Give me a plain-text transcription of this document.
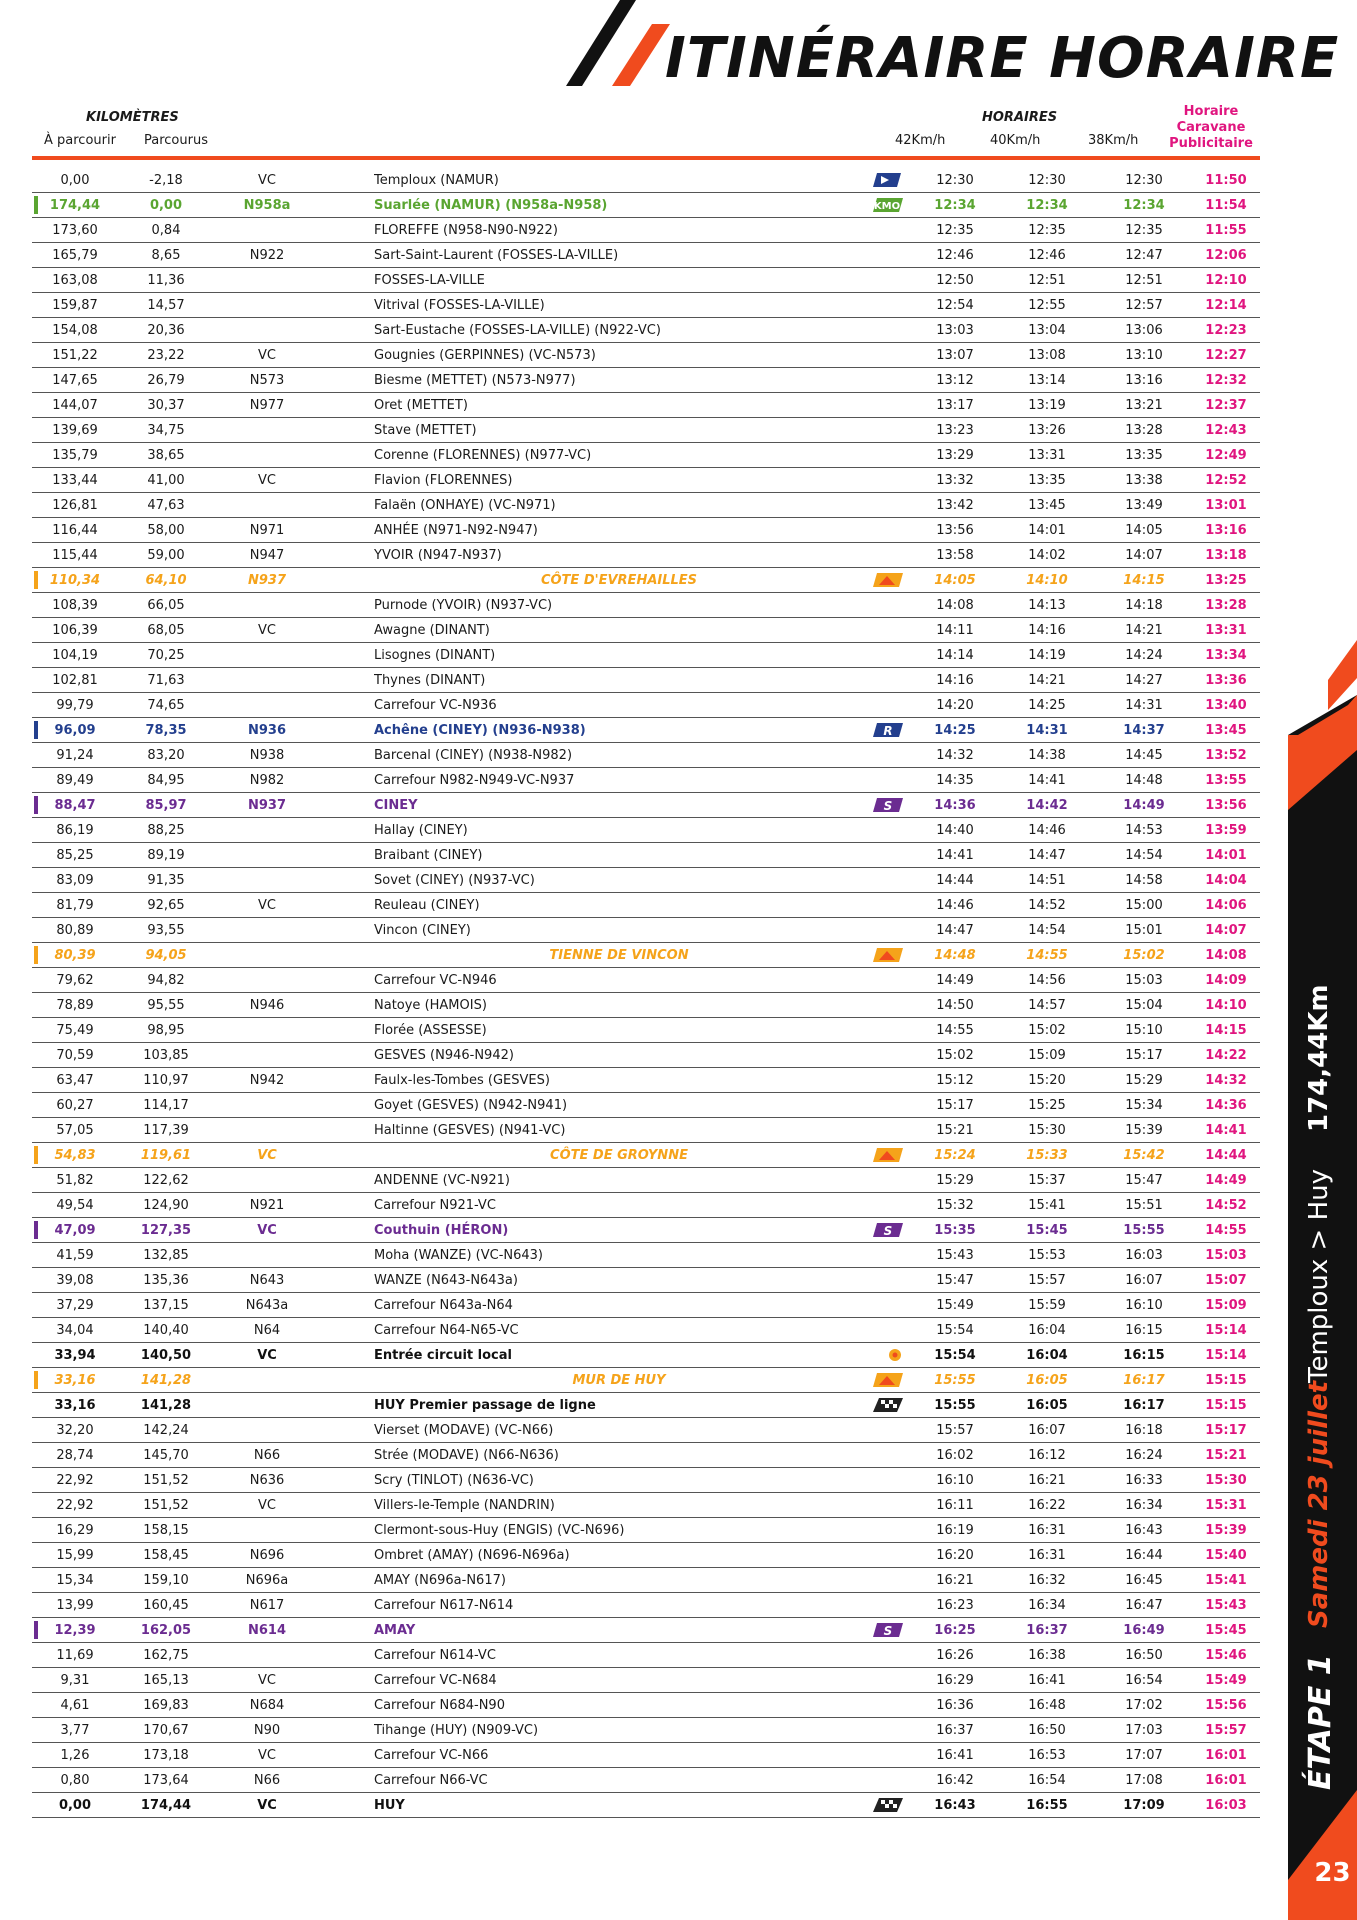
ITINÉRAIRE HORAIRE
KILOMÈTRES
À parcourir Parcourus
HORAIRES
42Km/h	40Km/h	38Km/h
Horaire Caravane Publicitaire
	0,00	-2,18	VC		Temploux (NAMUR)		12:30	12:30	12:30	11:50

	174,44	0,00	N958a		Suarlée (NAMUR) (N958a-N958)	KMO	12:34	12:34	12:34	11:54
	173,60	0,84			FLOREFFE (N958-N90-N922)		12:35	12:35	12:35	11:55
	165,79	8,65	N922		Sart-Saint-Laurent (FOSSES-LA-VILLE)		12:46	12:46	12:47	12:06
	163,08	11,36			FOSSES-LA-VILLE		12:50	12:51	12:51	12:10
	159,87	14,57			Vitrival (FOSSES-LA-VILLE)		12:54	12:55	12:57	12:14
	154,08	20,36			Sart-Eustache (FOSSES-LA-VILLE) (N922-VC)		13:03	13:04	13:06	12:23
	151,22	23,22	VC		Gougnies (GERPINNES) (VC-N573)		13:07	13:08	13:10	12:27
	147,65	26,79	N573		Biesme (METTET) (N573-N977)		13:12	13:14	13:16	12:32
	144,07	30,37	N977		Oret (METTET)		13:17	13:19	13:21	12:37
	139,69	34,75			Stave (METTET)		13:23	13:26	13:28	12:43
	135,79	38,65			Corenne (FLORENNES) (N977-VC)		13:29	13:31	13:35	12:49
	133,44	41,00	VC		Flavion (FLORENNES)		13:32	13:35	13:38	12:52
	126,81	47,63			Falaën (ONHAYE) (VC-N971)		13:42	13:45	13:49	13:01
	116,44	58,00	N971		ANHÉE (N971-N92-N947)		13:56	14:01	14:05	13:16
	115,44	59,00	N947		YVOIR (N947-N937)		13:58	14:02	14:07	13:18

	110,34	64,10	N937		CÔTE D'EVREHAILLES		14:05	14:10	14:15	13:25
	108,39	66,05			Purnode (YVOIR) (N937-VC)		14:08	14:13	14:18	13:28
	106,39	68,05	VC		Awagne (DINANT)		14:11	14:16	14:21	13:31
	104,19	70,25			Lisognes (DINANT)		14:14	14:19	14:24	13:34
	102,81	71,63			Thynes (DINANT)		14:16	14:21	14:27	13:36
	99,79	74,65			Carrefour VC-N936		14:20	14:25	14:31	13:40

	96,09	78,35	N936		Achêne (CINEY) (N936-N938)	R	14:25	14:31	14:37	13:45
	91,24	83,20	N938		Barcenal (CINEY) (N938-N982)		14:32	14:38	14:45	13:52
	89,49	84,95	N982		Carrefour N982-N949-VC-N937		14:35	14:41	14:48	13:55

	88,47	85,97	N937		CINEY	S	14:36	14:42	14:49	13:56
	86,19	88,25			Hallay (CINEY)		14:40	14:46	14:53	13:59
	85,25	89,19			Braibant (CINEY)		14:41	14:47	14:54	14:01
	83,09	91,35			Sovet (CINEY) (N937-VC)		14:44	14:51	14:58	14:04
	81,79	92,65	VC		Reuleau (CINEY)		14:46	14:52	15:00	14:06
	80,89	93,55			Vincon (CINEY)		14:47	14:54	15:01	14:07

	80,39	94,05			TIENNE DE VINCON		14:48	14:55	15:02	14:08
	79,62	94,82			Carrefour VC-N946		14:49	14:56	15:03	14:09
	78,89	95,55	N946		Natoye (HAMOIS)		14:50	14:57	15:04	14:10
	75,49	98,95			Florée (ASSESSE)		14:55	15:02	15:10	14:15
	70,59	103,85			GESVES (N946-N942)		15:02	15:09	15:17	14:22
	63,47	110,97	N942		Faulx-les-Tombes (GESVES)		15:12	15:20	15:29	14:32
	60,27	114,17			Goyet (GESVES) (N942-N941)		15:17	15:25	15:34	14:36
	57,05	117,39			Haltinne (GESVES) (N941-VC)		15:21	15:30	15:39	14:41

	54,83	119,61	VC		CÔTE DE GROYNNE		15:24	15:33	15:42	14:44
	51,82	122,62			ANDENNE (VC-N921)		15:29	15:37	15:47	14:49
	49,54	124,90	N921		Carrefour N921-VC		15:32	15:41	15:51	14:52

	47,09	127,35	VC		Couthuin (HÉRON)	S	15:35	15:45	15:55	14:55
	41,59	132,85			Moha (WANZE) (VC-N643)		15:43	15:53	16:03	15:03
	39,08	135,36	N643		WANZE (N643-N643a)		15:47	15:57	16:07	15:07
	37,29	137,15	N643a		Carrefour N643a-N64		15:49	15:59	16:10	15:09
	34,04	140,40	N64		Carrefour N64-N65-VC		15:54	16:04	16:15	15:14
	33,94	140,50	VC		Entrée circuit local		15:54	16:04	16:15	15:14

	33,16	141,28			MUR DE HUY		15:55	16:05	16:17	15:15
	33,16	141,28			HUY Premier passage de ligne		15:55	16:05	16:17	15:15
	32,20	142,24			Vierset (MODAVE) (VC-N66)		15:57	16:07	16:18	15:17
	28,74	145,70	N66		Strée (MODAVE) (N66-N636)		16:02	16:12	16:24	15:21
	22,92	151,52	N636		Scry (TINLOT) (N636-VC)		16:10	16:21	16:33	15:30
	22,92	151,52	VC		Villers-le-Temple (NANDRIN)		16:11	16:22	16:34	15:31
	16,29	158,15			Clermont-sous-Huy (ENGIS) (VC-N696)		16:19	16:31	16:43	15:39
	15,99	158,45	N696		Ombret (AMAY) (N696-N696a)		16:20	16:31	16:44	15:40
	15,34	159,10	N696a		AMAY (N696a-N617)		16:21	16:32	16:45	15:41
	13,99	160,45	N617		Carrefour N617-N614		16:23	16:34	16:47	15:43

	12,39	162,05	N614		AMAY	S	16:25	16:37	16:49	15:45
	11,69	162,75			Carrefour N614-VC		16:26	16:38	16:50	15:46
	9,31	165,13	VC		Carrefour VC-N684		16:29	16:41	16:54	15:49
	4,61	169,83	N684		Carrefour N684-N90		16:36	16:48	17:02	15:56
	3,77	170,67	N90		Tihange (HUY) (N909-VC)		16:37	16:50	17:03	15:57
	1,26	173,18	VC		Carrefour VC-N66		16:41	16:53	17:07	16:01
	0,80	173,64	N66		Carrefour N66-VC		16:42	16:54	17:08	16:01
	0,00	174,44	VC		HUY		16:43	16:55	17:09	16:03
ÉTAPE 1
Samedi 23 juillet
Temploux > Huy
174,44Km
23
